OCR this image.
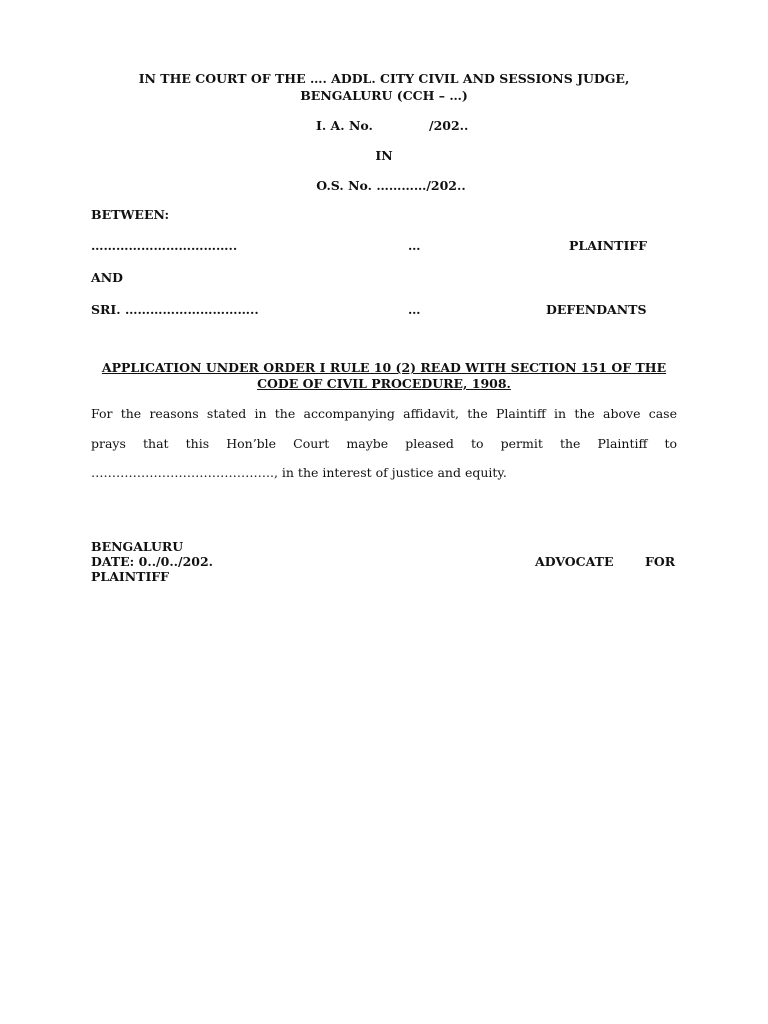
IN THE COURT OF THE …. ADDL. CITY CIVIL AND SESSIONS JUDGE,
BENGALURU (CCH – …)
I. A. No.	/202..
IN
O.S. No. …………/202..
BETWEEN:
……………………………..	…	PLAINTIFF
AND
SRI. …………………………..	…	DEFENDANTS
APPLICATION UNDER ORDER I RULE 10 (2) READ WITH SECTION 151 OF THE
CODE OF CIVIL PROCEDURE, 1908.
For the reasons stated in the accompanying affidavit, the Plaintiff in the above case
prays that this Hon’ble Court maybe pleased to permit the Plaintiff to
…………………………………….., in the interest of justice and equity.
BENGALURU
DATE: 0../0../202.	ADVOCATE	FOR
PLAINTIFF
